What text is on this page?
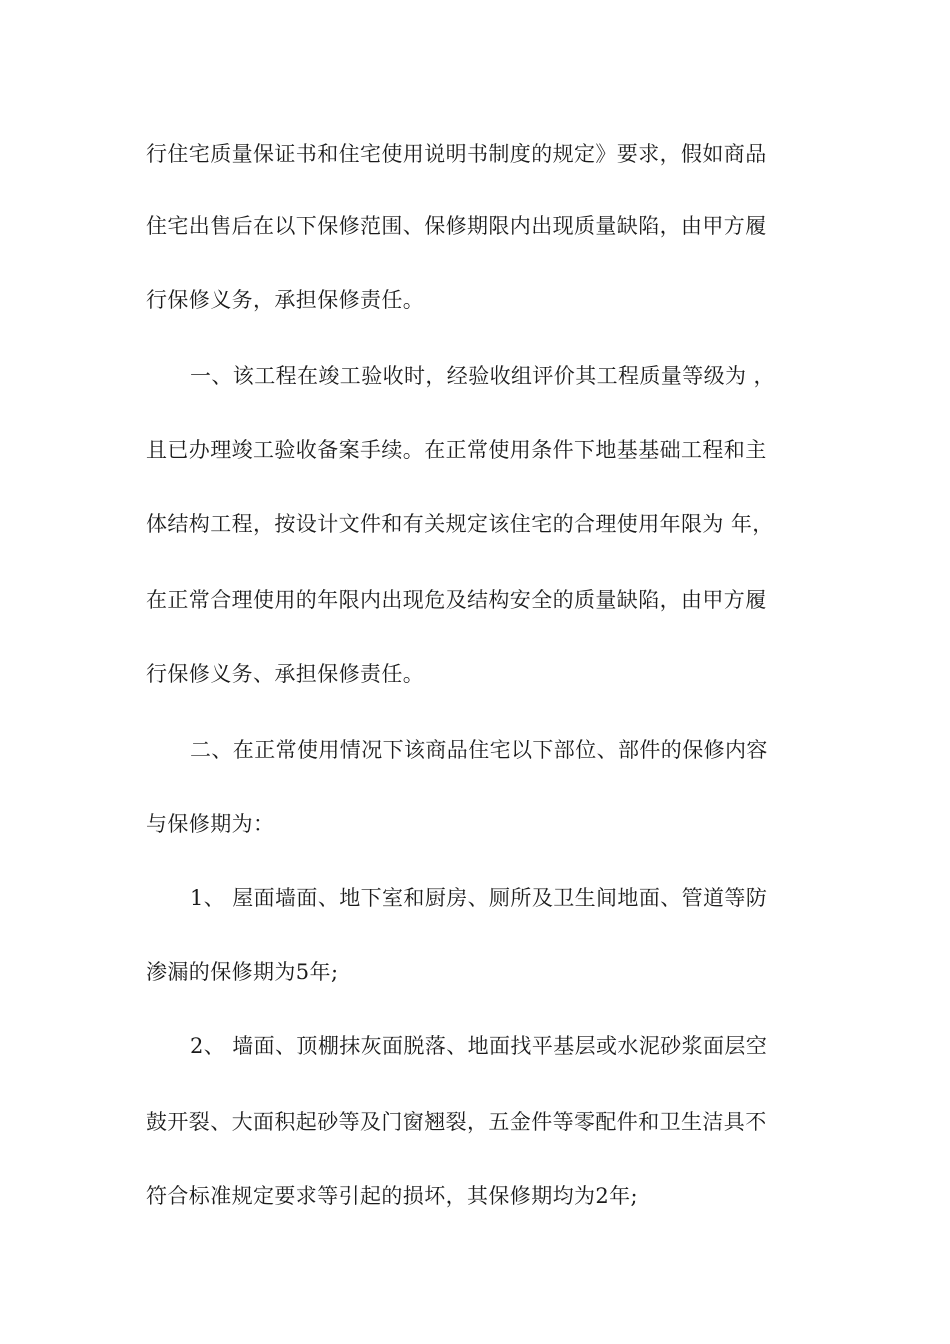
行住宅质量保证书和住宅使用说明书制度的规定》要求，假如商品
住宅出售后在以下保修范围、保修期限内出现质量缺陷，由甲方履
行保修义务，承担保修责任。
一、该工程在竣工验收时，经验收组评价其工程质量等级为 ，
且已办理竣工验收备案手续。在正常使用条件下地基基础工程和主
体结构工程，按设计文件和有关规定该住宅的合理使用年限为 年，
在正常合理使用的年限内出现危及结构安全的质量缺陷，由甲方履
行保修义务、承担保修责任。
二、在正常使用情况下该商品住宅以下部位、部件的保修内容
与保修期为：
1、 屋面墙面、地下室和厨房、厕所及卫生间地面、管道等防
渗漏的保修期为5年;
2、 墙面、顶棚抹灰面脱落、地面找平基层或水泥砂浆面层空
鼓开裂、大面积起砂等及门窗翘裂，五金件等零配件和卫生洁具不
符合标准规定要求等引起的损坏，其保修期均为2年;
